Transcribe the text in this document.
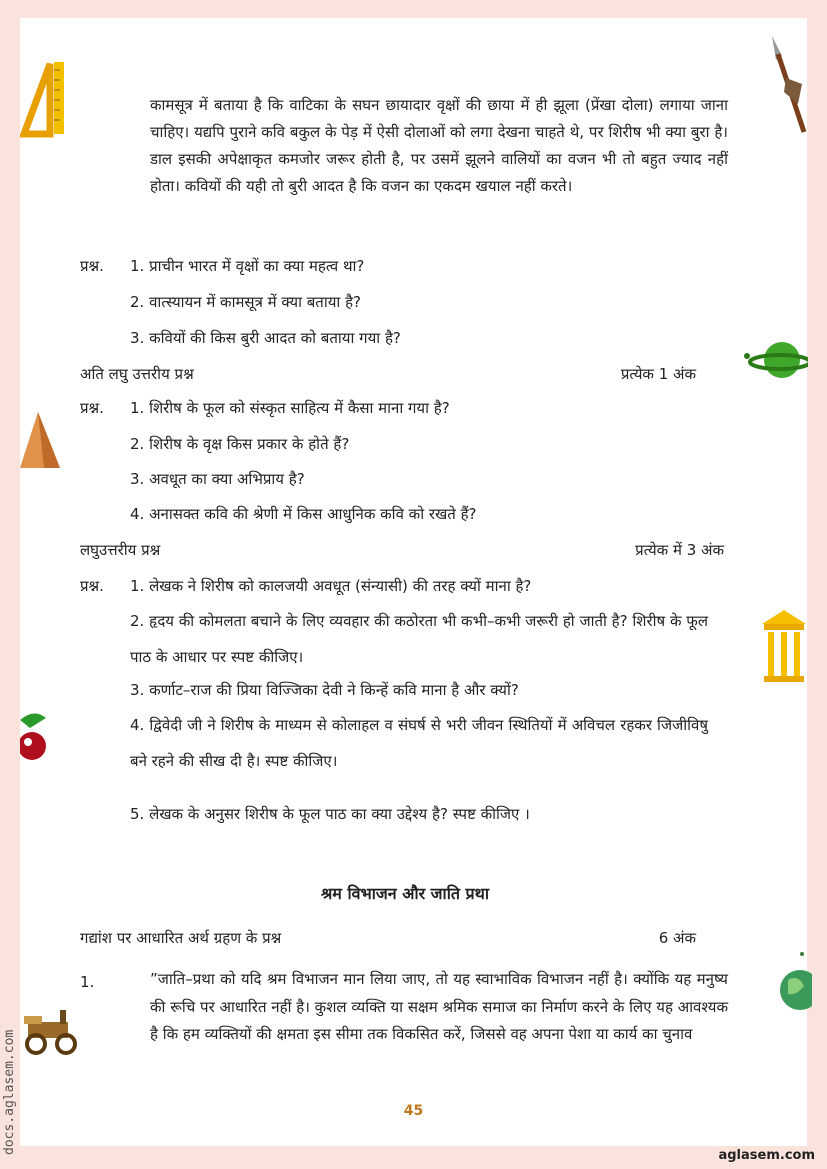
docs.aglasem.com

कामसूत्र में बताया है कि वाटिका के सघन छायादार वृक्षों की छाया में ही झूला (प्रेंखा दोला) लगाया जाना चाहिए। यद्यपि पुराने कवि बकुल के पेड़ में ऐसी दोलाओं को लगा देखना चाहते थे, पर शिरीष भी क्या बुरा है। डाल इसकी अपेक्षाकृत कमजोर जरूर होती है, पर उसमें झूलने वालियों का वजन भी तो बहुत ज्याद नहीं होता। कवियों की यही तो बुरी आदत है कि वजन का एकदम खयाल नहीं करते।

प्रश्न. 1. प्राचीन भारत में वृक्षों का क्या महत्व था?
2. वात्स्यायन में कामसूत्र में क्या बताया है?
3. कवियों की किस बुरी आदत को बताया गया है?
अति लघु उत्तरीय प्रश्न	प्रत्येक 1 अंक
प्रश्न. 1. शिरीष के फूल को संस्कृत साहित्य में कैसा माना गया है?
2. शिरीष के वृक्ष किस प्रकार के होते हैं?
3. अवधूत का क्या अभिप्राय है?
4. अनासक्त कवि की श्रेणी में किस आधुनिक कवि को रखते हैं?
लघुउत्तरीय प्रश्न	प्रत्येक में 3 अंक
प्रश्न. 1. लेखक ने शिरीष को कालजयी अवधूत (संन्यासी) की तरह क्यों माना है?
2. हृदय की कोमलता बचाने के लिए व्यवहार की कठोरता भी कभी–कभी जरूरी हो जाती है? शिरीष के फूल पाठ के आधार पर स्पष्ट कीजिए।
3. कर्णाट–राज की प्रिया विज्जिका देवी ने किन्हें कवि माना है और क्यों?
4. द्विवेदी जी ने शिरीष के माध्यम से कोलाहल व संघर्ष से भरी जीवन स्थितियों में अविचल रहकर जिजीविषु बने रहने की सीख दी है। स्पष्ट कीजिए।
5. लेखक के अनुसर शिरीष के फूल पाठ का क्या उद्देश्य है? स्पष्ट कीजिए ।
श्रम विभाजन और जाति प्रथा
गद्यांश पर आधारित अर्थ ग्रहण के प्रश्न	6 अंक
1.	”जाति–प्रथा को यदि श्रम विभाजन मान लिया जाए, तो यह स्वाभाविक विभाजन नहीं है। क्योंकि यह मनुष्य की रूचि पर आधारित नहीं है। कुशल व्यक्ति या सक्षम श्रमिक समाज का निर्माण करने के लिए यह आवश्यक है कि हम व्यक्तियों की क्षमता इस सीमा तक विकसित करें, जिससे वह अपना पेशा या कार्य का चुनाव
45
aglasem.com
